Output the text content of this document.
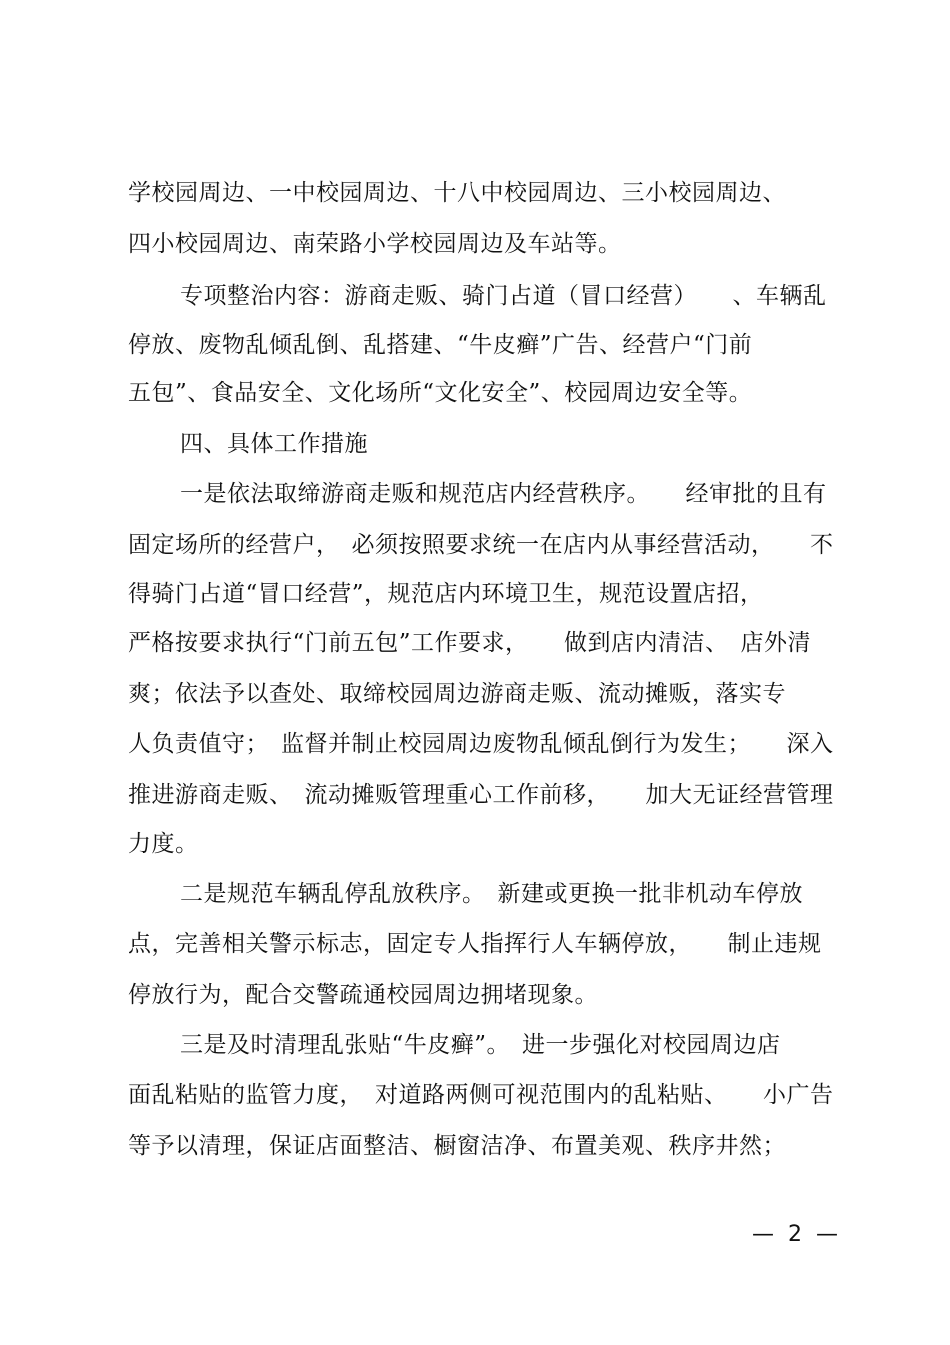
学校园周边、一中校园周边、十八中校园周边、三小校园周边、
四小校园周边、南荣路小学校园周边及车站等。
专项整治内容：游商走贩、骑门占道（冒口经营）　　、车辆乱
停放、废物乱倾乱倒、乱搭建、“牛皮癣”广告、经营户“门前
五包”、食品安全、文化场所“文化安全”、校园周边安全等。
四、具体工作措施
一是依法取缔游商走贩和规范店内经营秩序。　　经审批的且有
固定场所的经营户，　必须按照要求统一在店内从事经营活动，　　不
得骑门占道“冒口经营”，规范店内环境卫生，规范设置店招，
严格按要求执行“门前五包”工作要求，　　做到店内清洁、　店外清
爽；依法予以查处、取缔校园周边游商走贩、流动摊贩，落实专
人负责值守；　监督并制止校园周边废物乱倾乱倒行为发生；　　深入
推进游商走贩、　流动摊贩管理重心工作前移，　　加大无证经营管理
力度。
二是规范车辆乱停乱放秩序。　新建或更换一批非机动车停放
点，完善相关警示标志，固定专人指挥行人车辆停放，　　制止违规
停放行为，配合交警疏通校园周边拥堵现象。
三是及时清理乱张贴“牛皮癣”。　进一步强化对校园周边店
面乱粘贴的监管力度，　对道路两侧可视范围内的乱粘贴、　　小广告
等予以清理，保证店面整洁、橱窗洁净、布置美观、秩序井然；
—  2  —
